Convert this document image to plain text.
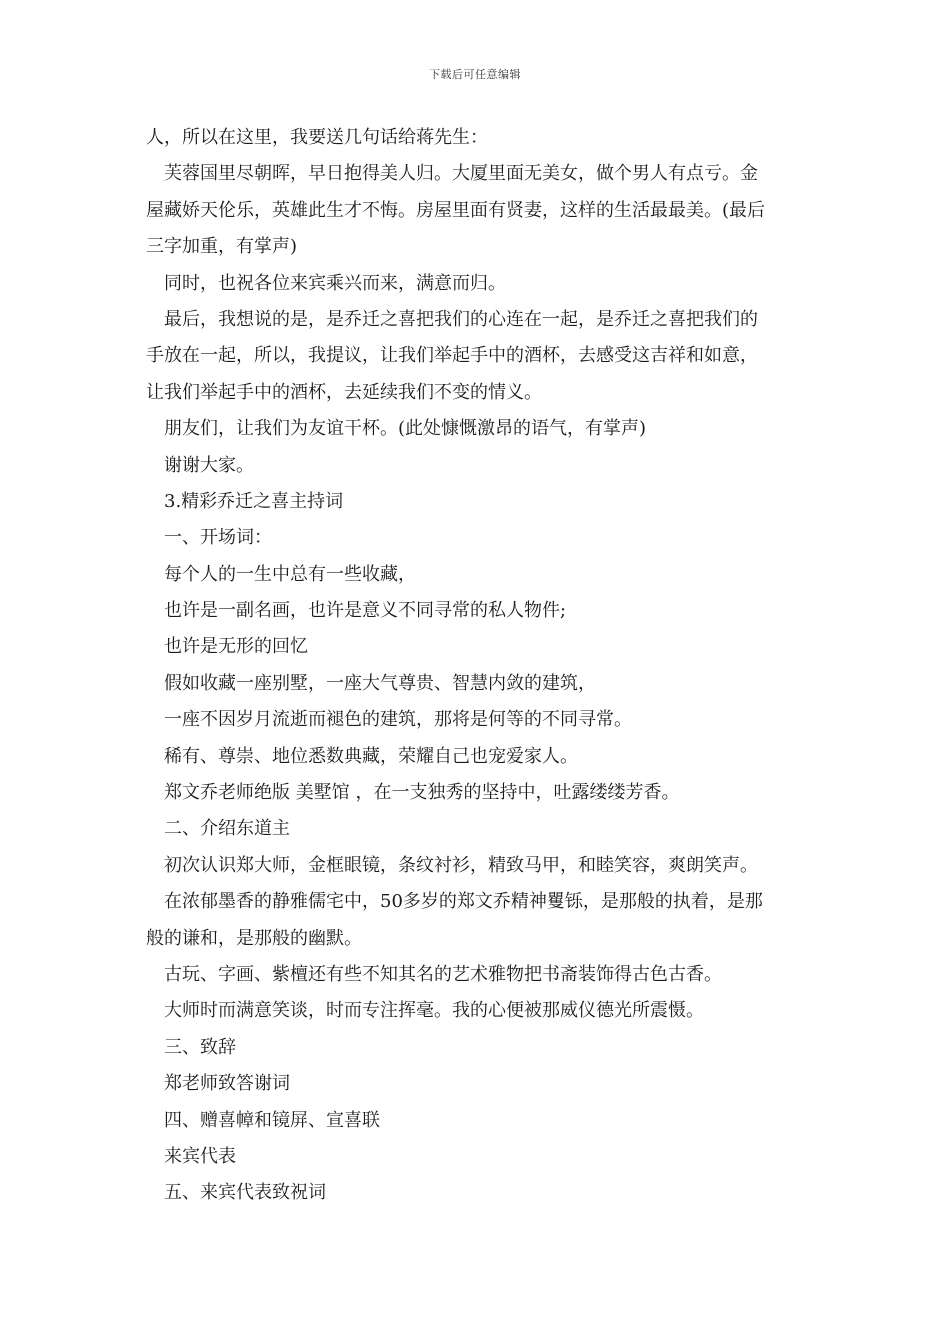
下载后可任意编辑
人，所以在这里，我要送几句话给蒋先生：
芙蓉国里尽朝晖，早日抱得美人归。大厦里面无美女，做个男人有点亏。金
屋藏娇天伦乐，英雄此生才不悔。房屋里面有贤妻，这样的生活最最美。(最后
三字加重，有掌声)
同时，也祝各位来宾乘兴而来，满意而归。
最后，我想说的是，是乔迁之喜把我们的心连在一起，是乔迁之喜把我们的
手放在一起，所以，我提议，让我们举起手中的酒杯，去感受这吉祥和如意，
让我们举起手中的酒杯，去延续我们不变的情义。
朋友们，让我们为友谊干杯。(此处慷慨激昂的语气，有掌声)
谢谢大家。
3.精彩乔迁之喜主持词
一、开场词：
每个人的一生中总有一些收藏，
也许是一副名画，也许是意义不同寻常的私人物件;
也许是无形的回忆
假如收藏一座别墅，一座大气尊贵、智慧内敛的建筑，
一座不因岁月流逝而褪色的建筑，那将是何等的不同寻常。
稀有、尊崇、地位悉数典藏，荣耀自己也宠爱家人。
郑文乔老师绝版 美墅馆 ，在一支独秀的坚持中，吐露缕缕芳香。
二、介绍东道主
初次认识郑大师，金框眼镜，条纹衬衫，精致马甲，和睦笑容，爽朗笑声。
在浓郁墨香的静雅儒宅中，50多岁的郑文乔精神矍铄，是那般的执着，是那
般的谦和，是那般的幽默。
古玩、字画、紫檀还有些不知其名的艺术雅物把书斋装饰得古色古香。
大师时而满意笑谈，时而专注挥毫。我的心便被那威仪德光所震慑。
三、致辞
郑老师致答谢词
四、赠喜幛和镜屏、宣喜联
来宾代表
五、来宾代表致祝词
